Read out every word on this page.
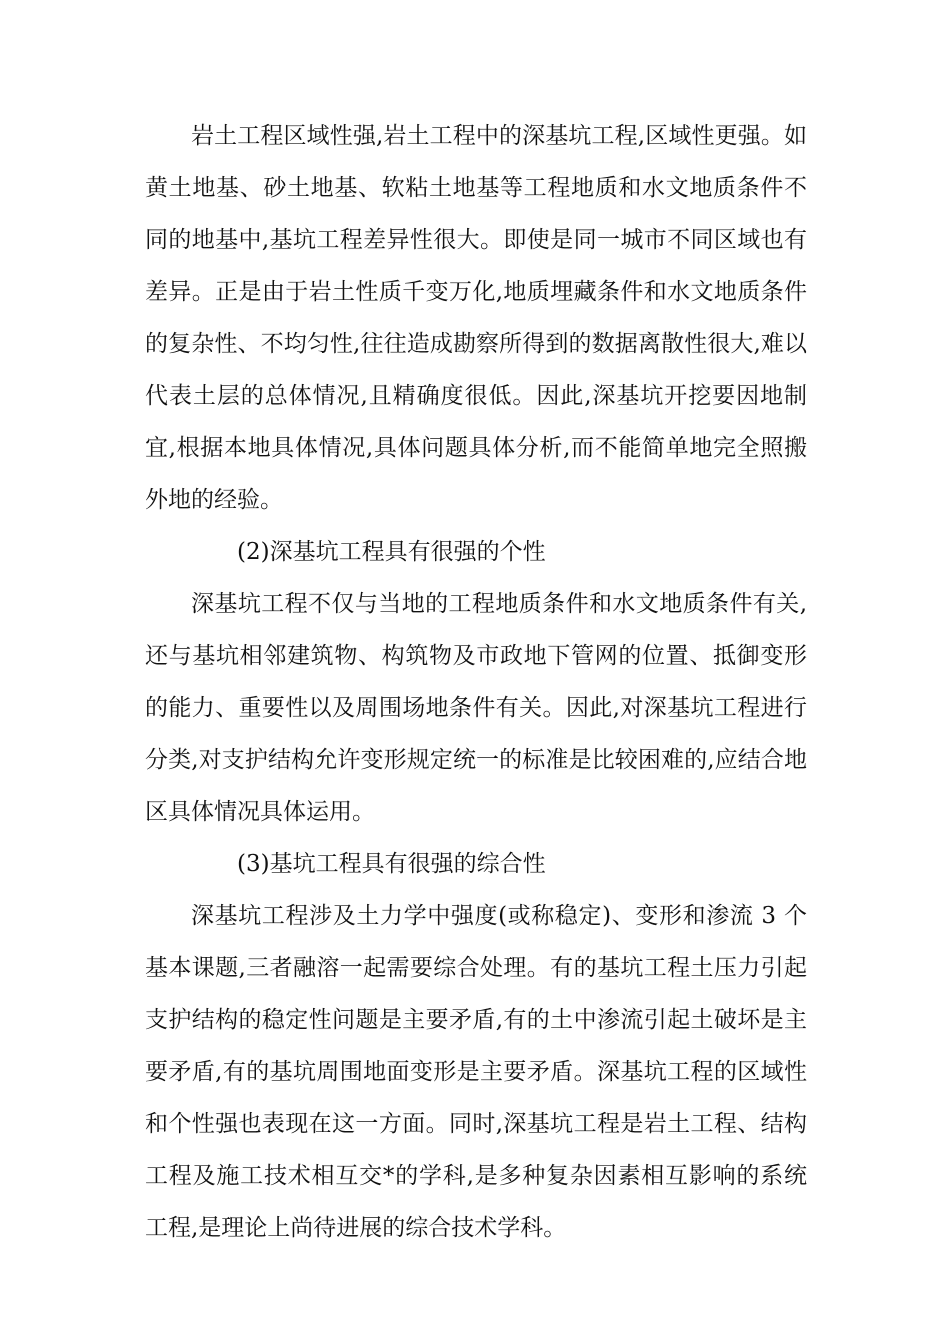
岩土工程区域性强,岩土工程中的深基坑工程,区域性更强。如黄土地基、砂土地基、软粘土地基等工程地质和水文地质条件不同的地基中,基坑工程差异性很大。即使是同一城市不同区域也有差异。正是由于岩土性质千变万化,地质埋藏条件和水文地质条件的复杂性、不均匀性,往往造成勘察所得到的数据离散性很大,难以代表土层的总体情况,且精确度很低。因此,深基坑开挖要因地制宜,根据本地具体情况,具体问题具体分析,而不能简单地完全照搬外地的经验。

(2)深基坑工程具有很强的个性

深基坑工程不仅与当地的工程地质条件和水文地质条件有关,还与基坑相邻建筑物、构筑物及市政地下管网的位置、抵御变形的能力、重要性以及周围场地条件有关。因此,对深基坑工程进行分类,对支护结构允许变形规定统一的标准是比较困难的,应结合地区具体情况具体运用。

(3)基坑工程具有很强的综合性

深基坑工程涉及土力学中强度(或称稳定)、变形和渗流 3 个基本课题,三者融溶一起需要综合处理。有的基坑工程土压力引起支护结构的稳定性问题是主要矛盾,有的土中渗流引起土破坏是主要矛盾,有的基坑周围地面变形是主要矛盾。深基坑工程的区域性和个性强也表现在这一方面。同时,深基坑工程是岩土工程、结构工程及施工技术相互交*的学科,是多种复杂因素相互影响的系统工程,是理论上尚待进展的综合技术学科。
